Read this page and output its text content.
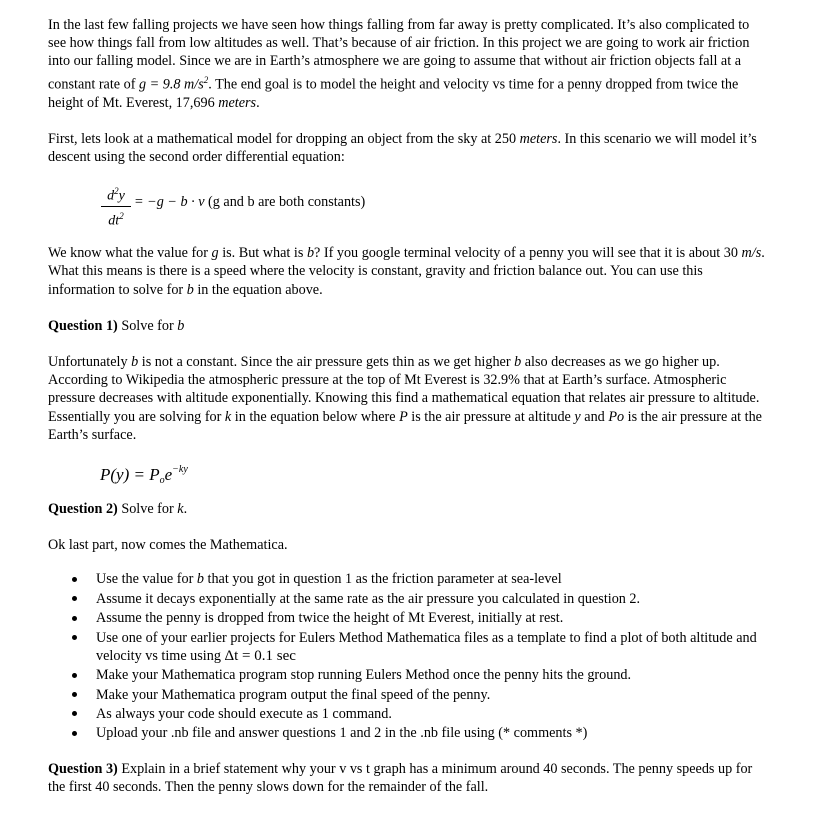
In the last few falling projects we have seen how things falling from far away is pretty complicated. It’s also complicated to see how things fall from low altitudes as well. That’s because of air friction. In this project we are going to work air friction into our falling model. Since we are in Earth’s atmosphere we are going to assume that without air friction objects fall at a constant rate of g = 9.8 $m/s^2$. The end goal is to model the height and velocity vs time for a penny dropped from twice the height of Mt. Everest, 17,696 meters.

First, lets look at a mathematical model for dropping an object from the sky at 250 meters. In this scenario we will model it’s descent using the second order differential equation:

$d^2y$
$dt^2$
= −g − b · v (g and b are both constants)

We know what the value for g is. But what is b? If you google terminal velocity of a penny you will see that it is about 30 m/s. What this means is there is a speed where the velocity is constant, gravity and friction balance out. You can use this information to solve for b in the equation above.

Question 1) Solve for b

Unfortunately b is not a constant. Since the air pressure gets thin as we get higher b also decreases as we go higher up. According to Wikipedia the atmospheric pressure at the top of Mt Everest is 32.9% that at Earth’s surface. Atmospheric pressure decreases with altitude exponentially. Knowing this find a mathematical equation that relates air pressure to altitude. Essentially you are solving for k in the equation below where P is the air pressure at altitude y and Po is the air pressure at the Earth’s surface.

$P(y) = P_oe^{-ky}$

Question 2) Solve for k.

Ok last part, now comes the Mathematica.

Use the value for b that you got in question 1 as the friction parameter at sea-level
Assume it decays exponentially at the same rate as the air pressure you calculated in question 2.
Assume the penny is dropped from twice the height of Mt Everest, initially at rest.
Use one of your earlier projects for Eulers Method Mathematica files as a template to find a plot of both altitude and velocity vs time using Δt = 0.1 sec
Make your Mathematica program stop running Eulers Method once the penny hits the ground.
Make your Mathematica program output the final speed of the penny.
As always your code should execute as 1 command.
Upload your .nb file and answer questions 1 and 2 in the .nb file using (* comments *)

Question 3) Explain in a brief statement why your v vs t graph has a minimum around 40 seconds. The penny speeds up for the first 40 seconds. Then the penny slows down for the remainder of the fall.
